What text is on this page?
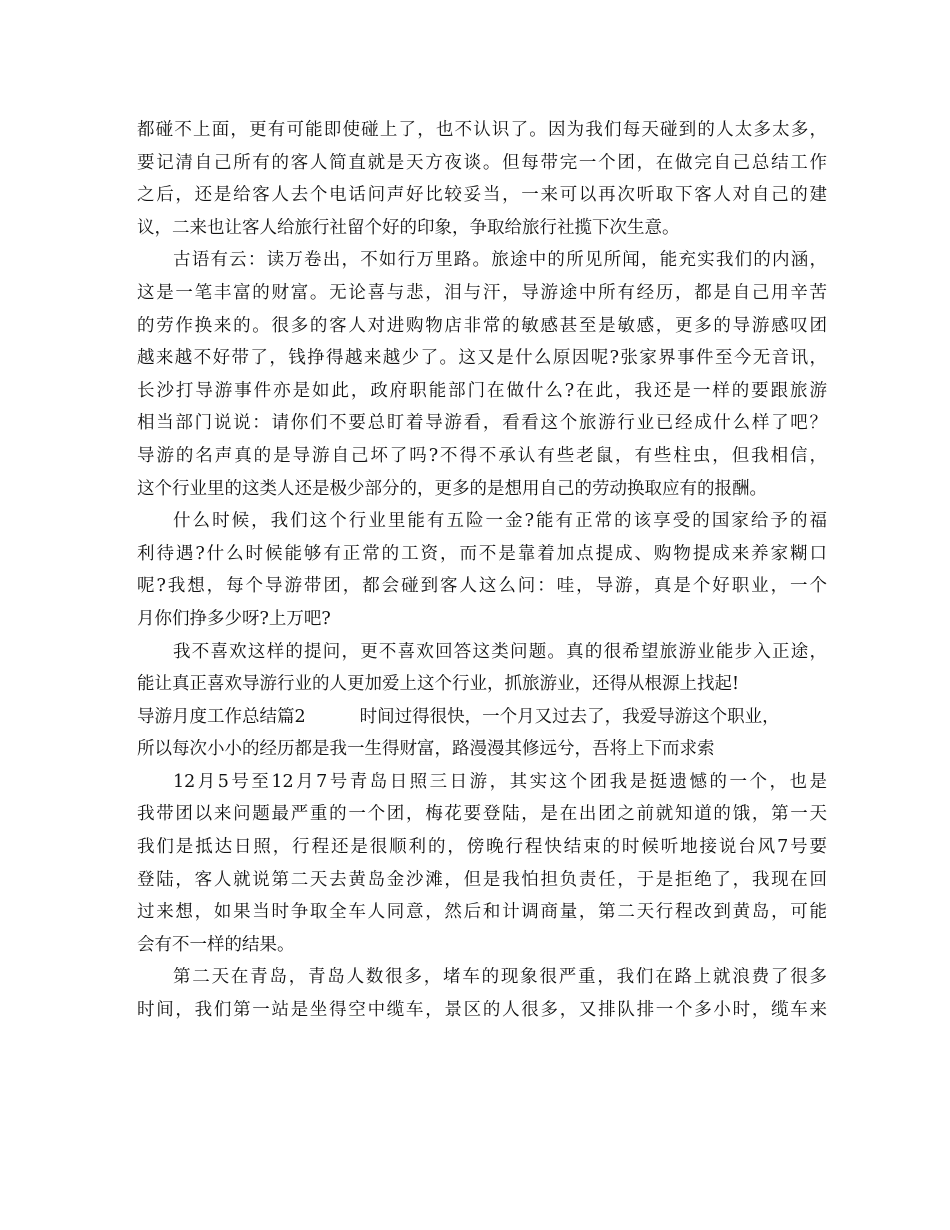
都碰不上面，更有可能即使碰上了，也不认识了。因为我们每天碰到的人太多太多，
要记清自己所有的客人简直就是天方夜谈。但每带完一个团，在做完自己总结工作
之后，还是给客人去个电话问声好比较妥当，一来可以再次听取下客人对自己的建
议，二来也让客人给旅行社留个好的印象，争取给旅行社揽下次生意。
古语有云：读万卷出，不如行万里路。旅途中的所见所闻，能充实我们的内涵，
这是一笔丰富的财富。无论喜与悲，泪与汗，导游途中所有经历，都是自己用辛苦
的劳作换来的。很多的客人对进购物店非常的敏感甚至是敏感，更多的导游感叹团
越来越不好带了，钱挣得越来越少了。这又是什么原因呢?张家界事件至今无音讯，
长沙打导游事件亦是如此，政府职能部门在做什么?在此，我还是一样的要跟旅游
相当部门说说：请你们不要总盯着导游看，看看这个旅游行业已经成什么样了吧？
导游的名声真的是导游自己坏了吗?不得不承认有些老鼠，有些柱虫，但我相信，
这个行业里的这类人还是极少部分的，更多的是想用自己的劳动换取应有的报酬。
什么时候，我们这个行业里能有五险一金?能有正常的该享受的国家给予的福
利待遇?什么时候能够有正常的工资，而不是靠着加点提成、购物提成来养家糊口
呢?我想，每个导游带团，都会碰到客人这么问：哇，导游，真是个好职业，一个
月你们挣多少呀?上万吧?
我不喜欢这样的提问，更不喜欢回答这类问题。真的很希望旅游业能步入正途，
能让真正喜欢导游行业的人更加爱上这个行业，抓旅游业，还得从根源上找起!
导游月度工作总结篇2	时间过得很快，一个月又过去了，我爱导游这个职业，
所以每次小小的经历都是我一生得财富，路漫漫其修远兮，吾将上下而求索
12月5号至12月7号青岛日照三日游，其实这个团我是挺遗憾的一个，也是
我带团以来问题最严重的一个团，梅花要登陆，是在出团之前就知道的饿，第一天
我们是抵达日照，行程还是很顺利的，傍晚行程快结束的时候听地接说台风7号要
登陆，客人就说第二天去黄岛金沙滩，但是我怕担负责任，于是拒绝了，我现在回
过来想，如果当时争取全车人同意，然后和计调商量，第二天行程改到黄岛，可能
会有不一样的结果。
第二天在青岛，青岛人数很多，堵车的现象很严重，我们在路上就浪费了很多
时间，我们第一站是坐得空中缆车，景区的人很多，又排队排一个多小时，缆车来
